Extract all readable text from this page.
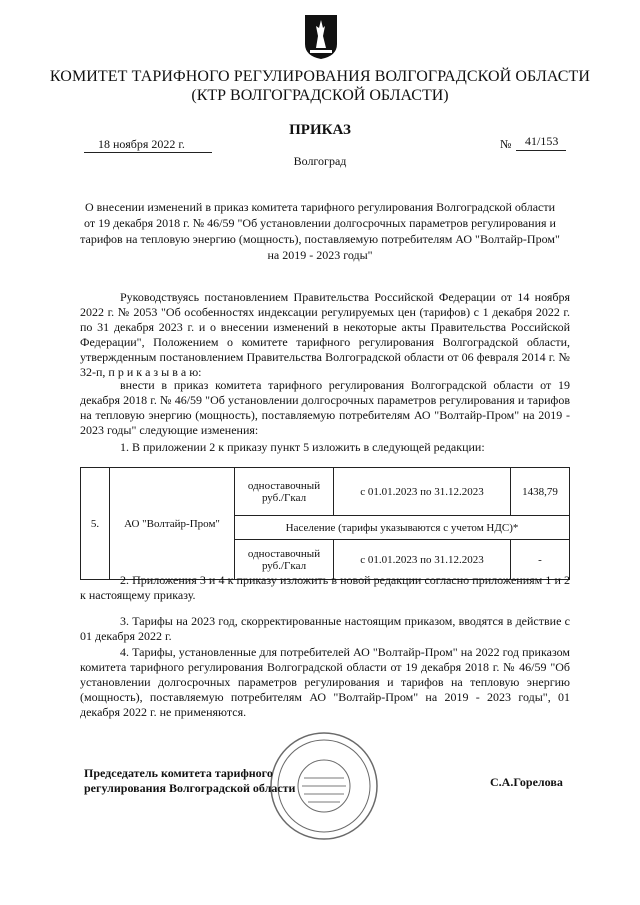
КОМИТЕТ ТАРИФНОГО РЕГУЛИРОВАНИЯ ВОЛГОГРАДСКОЙ ОБЛАСТИ
(КТР ВОЛГОГРАДСКОЙ ОБЛАСТИ)
ПРИКАЗ
18 ноября 2022 г.	№ 41/153
Волгоград
О внесении изменений в приказ комитета тарифного регулирования Волгоградской области от 19 декабря 2018 г. № 46/59 "Об установлении долгосрочных параметров регулирования и тарифов на тепловую энергию (мощность), поставляемую потребителям АО "Волтайр-Пром" на 2019 - 2023 годы"
Руководствуясь постановлением Правительства Российской Федерации от 14 ноября 2022 г. № 2053 "Об особенностях индексации регулируемых цен (тарифов) с 1 декабря 2022 г. по 31 декабря 2023 г. и о внесении изменений в некоторые акты Правительства Российской Федерации", Положением о комитете тарифного регулирования Волгоградской области, утвержденным постановлением Правительства Волгоградской области от 06 февраля 2014 г. № 32-п, п р и к а з ы в а ю:
внести в приказ комитета тарифного регулирования Волгоградской области от 19 декабря 2018 г. № 46/59 "Об установлении долгосрочных параметров регулирования и тарифов на тепловую энергию (мощность), поставляемую потребителям АО "Волтайр-Пром" на 2019 - 2023 годы" следующие изменения:
1. В приложении 2 к приказу пункт 5 изложить в следующей редакции:
5.	АО "Волтайр-Пром"	одноставочный руб./Гкал	с 01.01.2023 по 31.12.2023	1438,79
		Население (тарифы указываются с учетом НДС)*		
		одноставочный руб./Гкал	с 01.01.2023 по 31.12.2023	-
2. Приложения 3 и 4 к приказу изложить в новой редакции согласно приложениям 1 и 2 к настоящему приказу.
3. Тарифы на 2023 год, скорректированные настоящим приказом, вводятся в действие с 01 декабря 2022 г.
4. Тарифы, установленные для потребителей АО "Волтайр-Пром" на 2022 год приказом комитета тарифного регулирования Волгоградской области от 19 декабря 2018 г. № 46/59 "Об установлении долгосрочных параметров регулирования и тарифов на тепловую энергию (мощность), поставляемую потребителям АО "Волтайр-Пром" на 2019 - 2023 годы", 01 декабря 2022 г. не применяются.
Председатель комитета тарифного
регулирования Волгоградской области	С.А.Горелова
